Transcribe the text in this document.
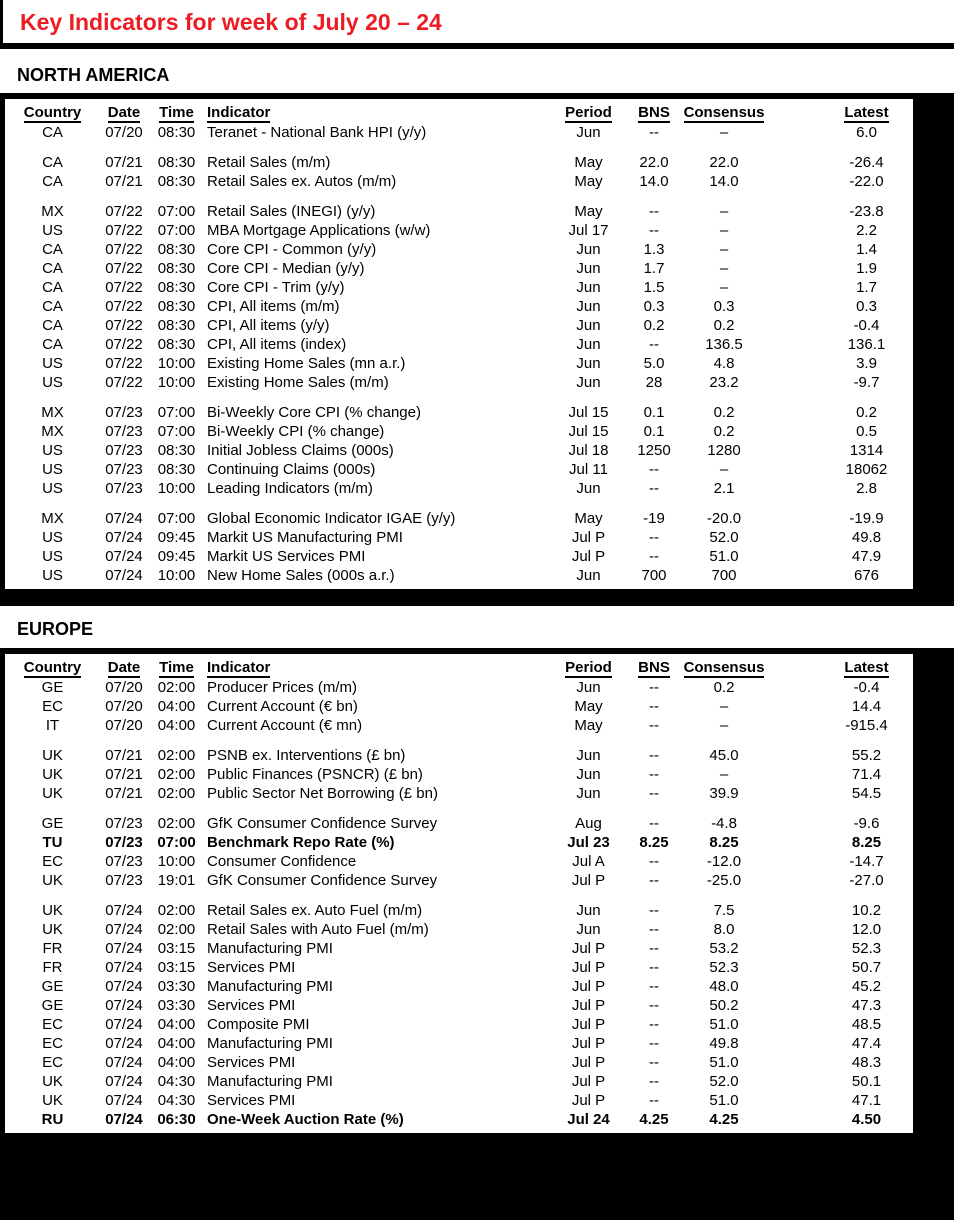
Key Indicators for week of July 20 – 24
NORTH AMERICA
Country	Date	Time	Indicator	Period	BNS	Consensus	Latest
CA	07/20	08:30	Teranet - National Bank HPI (y/y)	Jun	--	–	6.0

CA	07/21	08:30	Retail Sales (m/m)	May	22.0	22.0	-26.4
CA	07/21	08:30	Retail Sales ex. Autos (m/m)	May	14.0	14.0	-22.0

MX	07/22	07:00	Retail Sales (INEGI) (y/y)	May	--	–	-23.8
US	07/22	07:00	MBA Mortgage Applications (w/w)	Jul 17	--	–	2.2
CA	07/22	08:30	Core CPI - Common (y/y)	Jun	1.3	–	1.4
CA	07/22	08:30	Core CPI - Median (y/y)	Jun	1.7	–	1.9
CA	07/22	08:30	Core CPI - Trim (y/y)	Jun	1.5	–	1.7
CA	07/22	08:30	CPI, All items (m/m)	Jun	0.3	0.3	0.3
CA	07/22	08:30	CPI, All items (y/y)	Jun	0.2	0.2	-0.4
CA	07/22	08:30	CPI, All items (index)	Jun	--	136.5	136.1
US	07/22	10:00	Existing Home Sales (mn a.r.)	Jun	5.0	4.8	3.9
US	07/22	10:00	Existing Home Sales (m/m)	Jun	28	23.2	-9.7

MX	07/23	07:00	Bi-Weekly Core CPI (% change)	Jul 15	0.1	0.2	0.2
MX	07/23	07:00	Bi-Weekly CPI (% change)	Jul 15	0.1	0.2	0.5
US	07/23	08:30	Initial Jobless Claims (000s)	Jul 18	1250	1280	1314
US	07/23	08:30	Continuing Claims (000s)	Jul 11	--	–	18062
US	07/23	10:00	Leading Indicators (m/m)	Jun	--	2.1	2.8

MX	07/24	07:00	Global Economic Indicator IGAE (y/y)	May	-19	-20.0	-19.9
US	07/24	09:45	Markit US Manufacturing PMI	Jul P	--	52.0	49.8
US	07/24	09:45	Markit US Services PMI	Jul P	--	51.0	47.9
US	07/24	10:00	New Home Sales (000s a.r.)	Jun	700	700	676
EUROPE
Country	Date	Time	Indicator	Period	BNS	Consensus	Latest
GE	07/20	02:00	Producer Prices (m/m)	Jun	--	0.2	-0.4
EC	07/20	04:00	Current Account (€ bn)	May	--	–	14.4
IT	07/20	04:00	Current Account (€ mn)	May	--	–	-915.4

UK	07/21	02:00	PSNB ex. Interventions (£ bn)	Jun	--	45.0	55.2
UK	07/21	02:00	Public Finances (PSNCR) (£ bn)	Jun	--	–	71.4
UK	07/21	02:00	Public Sector Net Borrowing (£ bn)	Jun	--	39.9	54.5

GE	07/23	02:00	GfK Consumer Confidence Survey	Aug	--	-4.8	-9.6
TU	07/23	07:00	Benchmark Repo Rate (%)	Jul 23	8.25	8.25	8.25
EC	07/23	10:00	Consumer Confidence	Jul A	--	-12.0	-14.7
UK	07/23	19:01	GfK Consumer Confidence Survey	Jul P	--	-25.0	-27.0

UK	07/24	02:00	Retail Sales ex. Auto Fuel (m/m)	Jun	--	7.5	10.2
UK	07/24	02:00	Retail Sales with Auto Fuel (m/m)	Jun	--	8.0	12.0
FR	07/24	03:15	Manufacturing PMI	Jul P	--	53.2	52.3
FR	07/24	03:15	Services PMI	Jul P	--	52.3	50.7
GE	07/24	03:30	Manufacturing PMI	Jul P	--	48.0	45.2
GE	07/24	03:30	Services PMI	Jul P	--	50.2	47.3
EC	07/24	04:00	Composite PMI	Jul P	--	51.0	48.5
EC	07/24	04:00	Manufacturing PMI	Jul P	--	49.8	47.4
EC	07/24	04:00	Services PMI	Jul P	--	51.0	48.3
UK	07/24	04:30	Manufacturing PMI	Jul P	--	52.0	50.1
UK	07/24	04:30	Services PMI	Jul P	--	51.0	47.1
RU	07/24	06:30	One-Week Auction Rate (%)	Jul 24	4.25	4.25	4.50
